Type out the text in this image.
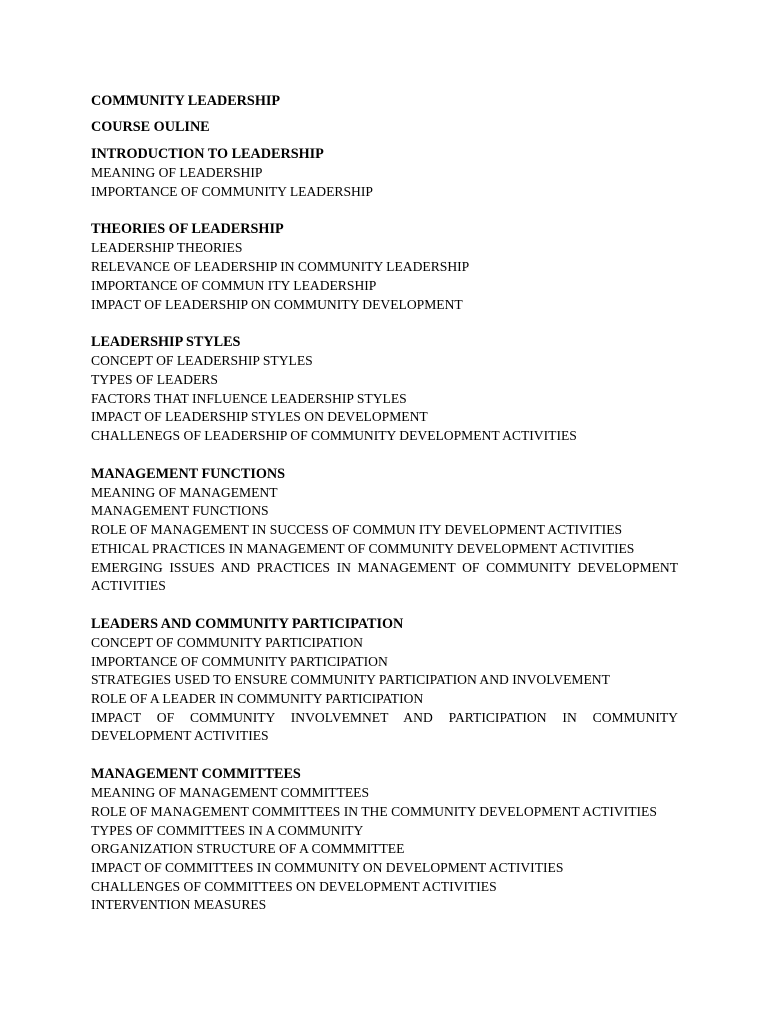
COMMUNITY LEADERSHIP
COURSE OULINE
INTRODUCTION TO LEADERSHIP
MEANING OF LEADERSHIP
IMPORTANCE OF COMMUNITY LEADERSHIP
THEORIES OF LEADERSHIP
LEADERSHIP THEORIES
RELEVANCE OF LEADERSHIP IN COMMUNITY LEADERSHIP
IMPORTANCE OF COMMUN ITY LEADERSHIP
IMPACT OF LEADERSHIP ON COMMUNITY DEVELOPMENT
LEADERSHIP STYLES
CONCEPT OF LEADERSHIP STYLES
TYPES OF LEADERS
FACTORS THAT INFLUENCE LEADERSHIP STYLES
IMPACT OF LEADERSHIP STYLES ON DEVELOPMENT
CHALLENEGS OF LEADERSHIP OF COMMUNITY DEVELOPMENT ACTIVITIES
MANAGEMENT FUNCTIONS
MEANING OF MANAGEMENT
MANAGEMENT FUNCTIONS
ROLE OF MANAGEMENT IN SUCCESS OF COMMUN ITY DEVELOPMENT ACTIVITIES
ETHICAL PRACTICES IN MANAGEMENT OF COMMUNITY DEVELOPMENT ACTIVITIES
EMERGING ISSUES AND PRACTICES IN MANAGEMENT OF COMMUNITY DEVELOPMENT ACTIVITIES
LEADERS AND COMMUNITY PARTICIPATION
CONCEPT OF COMMUNITY PARTICIPATION
IMPORTANCE OF COMMUNITY PARTICIPATION
STRATEGIES USED TO ENSURE COMMUNITY PARTICIPATION AND INVOLVEMENT
ROLE OF A LEADER IN COMMUNITY PARTICIPATION
IMPACT OF COMMUNITY INVOLVEMNET AND PARTICIPATION IN COMMUNITY DEVELOPMENT ACTIVITIES
MANAGEMENT COMMITTEES
MEANING OF MANAGEMENT COMMITTEES
ROLE OF MANAGEMENT COMMITTEES IN THE COMMUNITY DEVELOPMENT ACTIVITIES
TYPES OF COMMITTEES IN A COMMUNITY
ORGANIZATION STRUCTURE OF A COMMMITTEE
IMPACT OF COMMITTEES IN COMMUNITY ON DEVELOPMENT ACTIVITIES
CHALLENGES OF COMMITTEES ON DEVELOPMENT ACTIVITIES
INTERVENTION MEASURES
